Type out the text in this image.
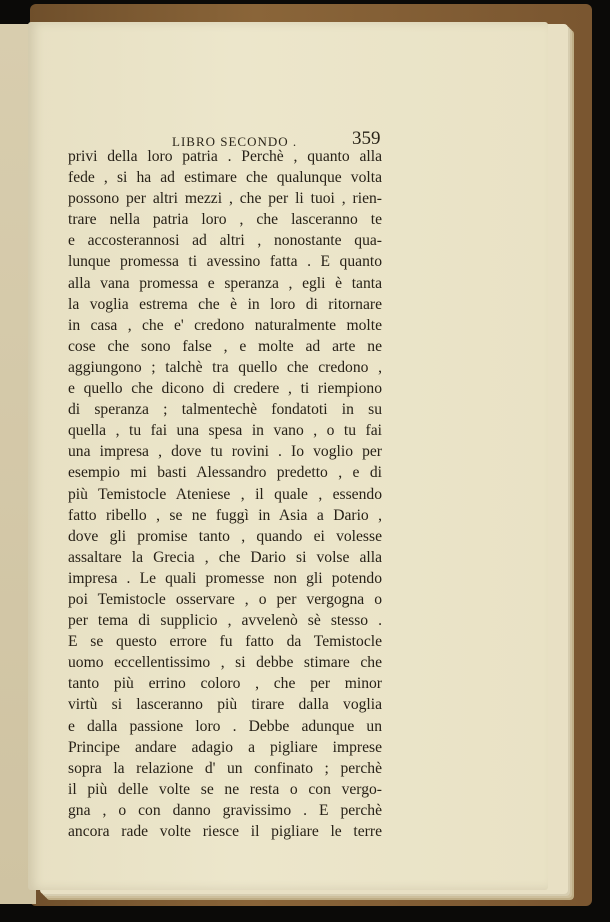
LIBRO SECONDO .	359
privi della loro patria . Perchè , quanto alla
fede , si ha ad estimare che qualunque volta
possono per altri mezzi , che per li tuoi , rien-
trare nella patria loro , che lasceranno te
e accosterannosi ad altri , nonostante qua-
lunque promessa ti avessino fatta . E quanto
alla vana promessa e speranza , egli è tanta
la voglia estrema che è in loro di ritornare
in casa , che e' credono naturalmente molte
cose che sono false , e molte ad arte ne
aggiungono ; talchè tra quello che credono ,
e quello che dicono di credere , ti riempiono
di speranza ; talmentechè fondatoti in su
quella , tu fai una spesa in vano , o tu fai
una impresa , dove tu rovini . Io voglio per
esempio mi basti Alessandro predetto , e di
più Temistocle Ateniese , il quale , essendo
fatto ribello , se ne fuggì in Asia a Dario ,
dove gli promise tanto , quando ei volesse
assaltare la Grecia , che Dario si volse alla
impresa . Le quali promesse non gli potendo
poi Temistocle osservare , o per vergogna o
per tema di supplicio , avvelenò sè stesso .
E se questo errore fu fatto da Temistocle
uomo eccellentissimo , si debbe stimare che
tanto più errino coloro , che per minor
virtù si lasceranno più tirare dalla voglia
e dalla passione loro . Debbe adunque un
Principe andare adagio a pigliare imprese
sopra la relazione d' un confinato ; perchè
il più delle volte se ne resta o con vergo-
gna , o con danno gravissimo . E perchè
ancora rade volte riesce il pigliare le terre
